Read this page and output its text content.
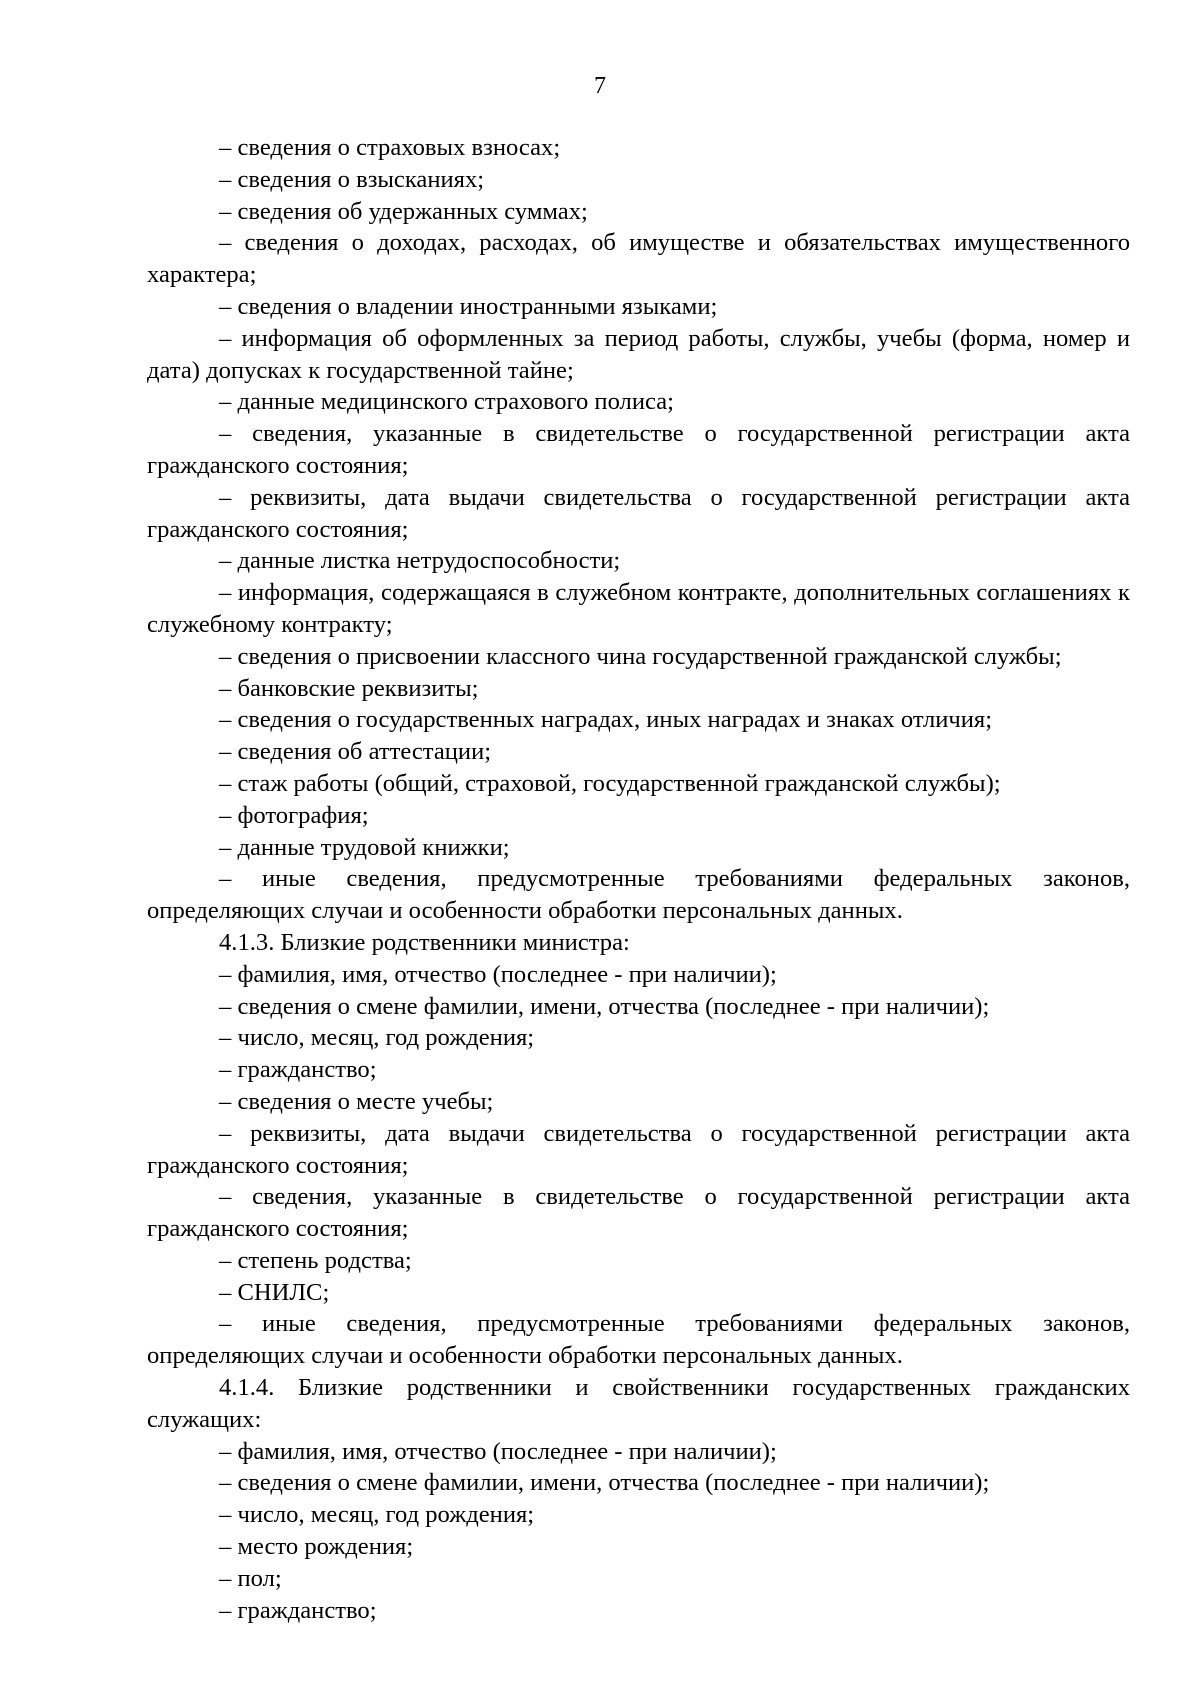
7

– сведения о страховых взносах;

– сведения о взысканиях;

– сведения об удержанных суммах;

– сведения о доходах, расходах, об имуществе и обязательствах имущественного характера;

– сведения о владении иностранными языками;

– информация об оформленных за период работы, службы, учебы (форма, номер и дата) допусках к государственной тайне;

– данные медицинского страхового полиса;

– сведения, указанные в свидетельстве о государственной регистрации акта гражданского состояния;

– реквизиты, дата выдачи свидетельства о государственной регистрации акта гражданского состояния;

– данные листка нетрудоспособности;

– информация, содержащаяся в служебном контракте, дополнительных соглашениях к служебному контракту;

– сведения о присвоении классного чина государственной гражданской службы;

– банковские реквизиты;

– сведения о государственных наградах, иных наградах и знаках отличия;

– сведения об аттестации;

– стаж работы (общий, страховой, государственной гражданской службы);

– фотография;

– данные трудовой книжки;

– иные сведения, предусмотренные требованиями федеральных законов, определяющих случаи и особенности обработки персональных данных.

4.1.3. Близкие родственники министра:

– фамилия, имя, отчество (последнее - при наличии);

– сведения о смене фамилии, имени, отчества (последнее - при наличии);

– число, месяц, год рождения;

– гражданство;

– сведения о месте учебы;

– реквизиты, дата выдачи свидетельства о государственной регистрации акта гражданского состояния;

– сведения, указанные в свидетельстве о государственной регистрации акта гражданского состояния;

– степень родства;

– СНИЛС;

– иные сведения, предусмотренные требованиями федеральных законов, определяющих случаи и особенности обработки персональных данных.

4.1.4. Близкие родственники и свойственники государственных гражданских служащих:

– фамилия, имя, отчество (последнее - при наличии);

– сведения о смене фамилии, имени, отчества (последнее - при наличии);

– число, месяц, год рождения;

– место рождения;

– пол;

– гражданство;
